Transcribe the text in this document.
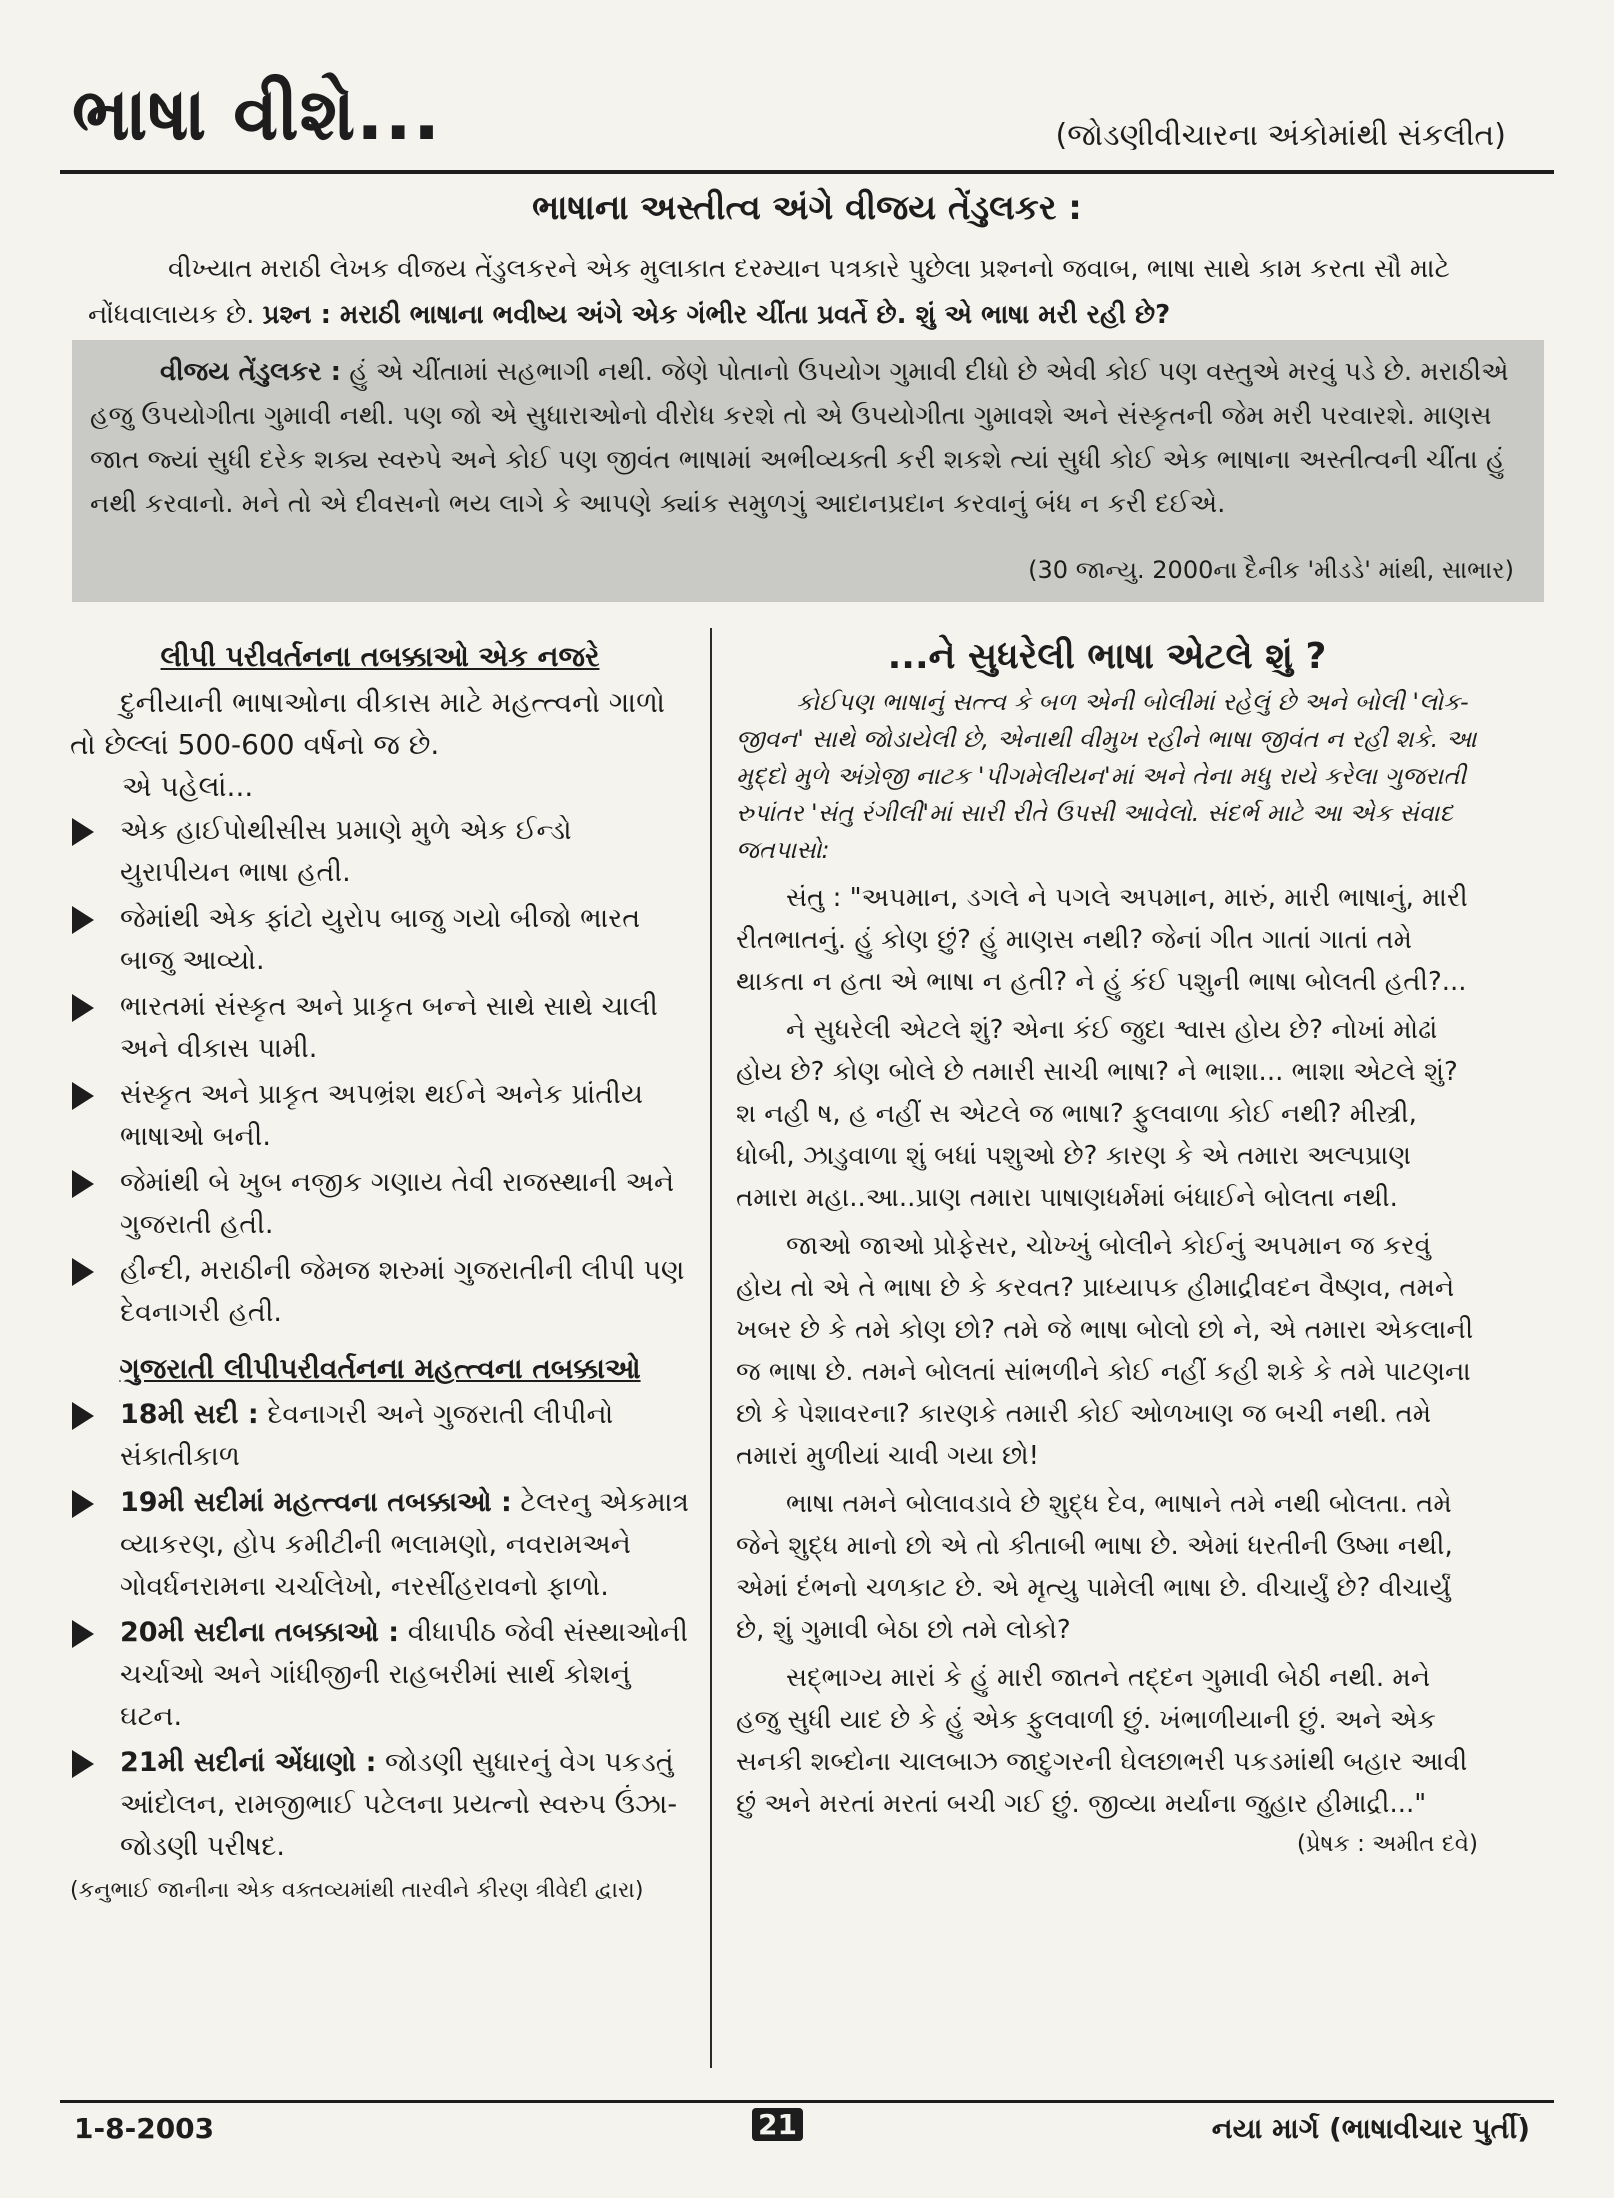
ભાષા વીશે...	(જોડણીવીચારના અંકોમાંથી સંકલીત)
ભાષાના અસ્તીત્વ અંગે વીજય તેંડુલકર :
વીખ્યાત મરાઠી લેખક વીજય તેંડુલકરને એક મુલાકાત દરમ્યાન પત્રકારે પુછેલા પ્રશ્નનો જવાબ, ભાષા સાથે કામ કરતા સૌ માટે નોંધવાલાયક છે. પ્રશ્ન : મરાઠી ભાષાના ભવીષ્ય અંગે એક ગંભીર ચીંતા પ્રવર્તે છે. શું એ ભાષા મરી રહી છે?

વીજય તેંડુલકર : હું એ ચીંતામાં સહભાગી નથી. જેણે પોતાનો ઉપયોગ ગુમાવી દીધો છે એવી કોઈ પણ વસ્તુએ મરવું પડે છે. મરાઠીએ હજુ ઉપયોગીતા ગુમાવી નથી. પણ જો એ સુધારાઓનો વીરોધ કરશે તો એ ઉપયોગીતા ગુમાવશે અને સંસ્કૃતની જેમ મરી પરવારશે. માણસ જાત જ્યાં સુધી દરેક શક્ય સ્વરુપે અને કોઈ પણ જીવંત ભાષામાં અભીવ્યક્તી કરી શકશે ત્યાં સુધી કોઈ એક ભાષાના અસ્તીત્વની ચીંતા હું નથી કરવાનો. મને તો એ દીવસનો ભય લાગે કે આપણે ક્યાંક સમુળગું આદાનપ્રદાન કરવાનું બંધ ન કરી દઈએ.

(30 જાન્યુ. 2000ના દૈનીક 'મીડડે' માંથી, સાભાર)
લીપી પરીવર્તનના તબક્કાઓ એક નજરે

દુનીયાની ભાષાઓના વીકાસ માટે મહત્ત્વનો ગાળો તો છેલ્લાં 500-600 વર્ષનો જ છે.

એ પહેલાં...

એક હાઈપોથીસીસ પ્રમાણે મુળે એક ઈન્ડો યુરાપીયન ભાષા હતી.
જેમાંથી એક ફાંટો યુરોપ બાજુ ગયો બીજો ભારત બાજુ આવ્યો.
ભારતમાં સંસ્કૃત અને પ્રાકૃત બન્ને સાથે સાથે ચાલી અને વીકાસ પામી.
સંસ્કૃત અને પ્રાકૃત અપભ્રંશ થઈને અનેક પ્રાંતીય ભાષાઓ બની.
જેમાંથી બે ખુબ નજીક ગણાય તેવી રાજસ્થાની અને ગુજરાતી હતી.
હીન્દી, મરાઠીની જેમજ શરુમાં ગુજરાતીની લીપી પણ દેવનાગરી હતી.
ગુજરાતી લીપીપરીવર્તનના મહત્ત્વના તબક્કાઓ
18મી સદી : દેવનાગરી અને ગુજરાતી લીપીનો સંકાતીકાળ
19મી સદીમાં મહત્ત્વના તબક્કાઓ : ટેલરનુ એકમાત્ર વ્યાકરણ, હોપ કમીટીની ભલામણો, નવરામઅને ગોવર્ધનરામના ચર્ચાલેખો, નરસીંહરાવનો ફાળો.
20મી સદીના તબક્કાઓ : વીધાપીઠ જેવી સંસ્થાઓની ચર્ચાઓ અને ગાંધીજીની રાહબરીમાં સાર્થ કોશનું ઘટન.
21મી સદીનાં એંધાણો : જોડણી સુધારનું વેગ પકડતું આંદોલન, રામજીભાઈ પટેલના પ્રયત્નો સ્વરુપ ઉંઝા-જોડણી પરીષદ.

(કનુભાઈ જાનીના એક વક્તવ્યમાંથી તારવીને કીરણ ત્રીવેદી દ્વારા)

...ને સુધરેલી ભાષા એટલે શું ?

કોઈપણ ભાષાનું સત્ત્વ કે બળ એની બોલીમાં રહેલું છે અને બોલી 'લોક-જીવન' સાથે જોડાયેલી છે, એનાથી વીમુખ રહીને ભાષા જીવંત ન રહી શકે. આ મુદ્દો મુળે અંગ્રેજી નાટક 'પીગમેલીયન'માં અને તેના મધુ રાયે કરેલા ગુજરાતી રુપાંતર 'સંતુ રંગીલી'માં સારી રીતે ઉપસી આવેલો. સંદર્ભ માટે આ એક સંવાદ જતપાસો:

સંતુ : "અપમાન, ડગલે ને પગલે અપમાન, મારું, મારી ભાષાનું, મારી રીતભાતનું. હું કોણ છું? હું માણસ નથી? જેનાં ગીત ગાતાં ગાતાં તમે થાકતા ન હતા એ ભાષા ન હતી? ને હું કંઈ પશુની ભાષા બોલતી હતી?...

ને સુધરેલી એટલે શું? એના કંઈ જુદા શ્વાસ હોય છે? નોખાં મોઢાં હોય છે? કોણ બોલે છે તમારી સાચી ભાષા? ને ભાશા... ભાશા એટલે શું? શ નહી ષ, હ નહીં સ એટલે જ ભાષા? ફુલવાળા કોઈ નથી? મીસ્ત્રી, ધોબી, ઝાડુવાળા શું બધાં પશુઓ છે? કારણ કે એ તમારા અલ્પપ્રાણ તમારા મહા..આ..પ્રાણ તમારા પાષાણધર્મમાં બંધાઈને બોલતા નથી.

જાઓ જાઓ પ્રોફેસર, ચોખ્ખું બોલીને કોઈનું અપમાન જ કરવું હોય તો એ તે ભાષા છે કે કરવત? પ્રાધ્યાપક હીમાદ્રીવદન વૈષ્ણવ, તમને ખબર છે કે તમે કોણ છો? તમે જે ભાષા બોલો છો ને, એ તમારા એકલાની જ ભાષા છે. તમને બોલતાં સાંભળીને કોઈ નહીં કહી શકે કે તમે પાટણના છો કે પેશાવરના? કારણકે તમારી કોઈ ઓળખાણ જ બચી નથી. તમે તમારાં મુળીયાં ચાવી ગયા છો!

ભાષા તમને બોલાવડાવે છે શુદ્ધ દેવ, ભાષાને તમે નથી બોલતા. તમે જેને શુદ્ધ માનો છો એ તો કીતાબી ભાષા છે. એમાં ધરતીની ઉષ્મા નથી, એમાં દંભનો ચળકાટ છે. એ મૃત્યુ પામેલી ભાષા છે. વીચાર્યું છે? વીચાર્યું છે, શું ગુમાવી બેઠા છો તમે લોકો?

સદ્ભાગ્ય મારાં કે હું મારી જાતને તદ્દન ગુમાવી બેઠી નથી. મને હજુ સુધી યાદ છે કે હું એક ફુલવાળી છું. ખંભાળીયાની છું. અને એક સનકી શબ્દોના ચાલબાઝ જાદુગરની ઘેલછાભરી પકડમાંથી બહાર આવી છું અને મરતાં મરતાં બચી ગઈ છું. જીવ્યા મર્યાના જુહાર હીમાદ્રી..."

(પ્રેષક : અમીત દવે)

1-8-2003	21	નયા માર્ગ (ભાષાવીચાર પુર્તી)
